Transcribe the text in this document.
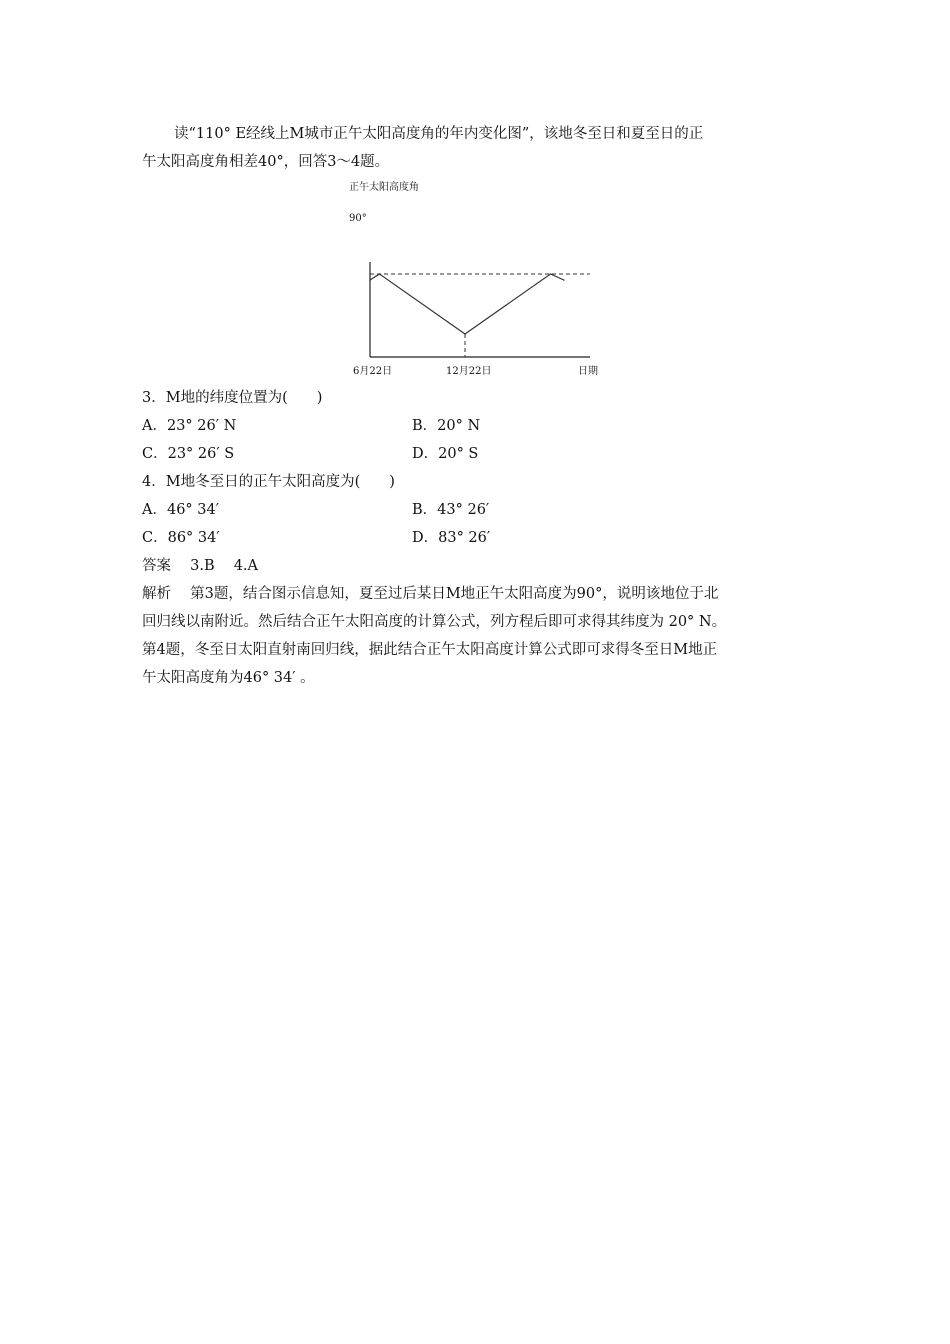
读“110° E经线上M城市正午太阳高度角的年内变化图”，该地冬至日和夏至日的正
午太阳高度角相差40°，回答3～4题。
正午太阳高度角
90°
6月22日	12月22日	日期
3．M地的纬度位置为(　　)
A．23° 26′ N	B．20° N
C．23° 26′ S	D．20° S
4．M地冬至日的正午太阳高度为(　　)
A．46° 34′	B．43° 26′
C．86° 34′	D．83° 26′
答案　 3.B　 4.A
解析　 第3题，结合图示信息知，夏至过后某日M地正午太阳高度为90°，说明该地位于北
回归线以南附近。然后结合正午太阳高度的计算公式，列方程后即可求得其纬度为 20° N。
第4题，冬至日太阳直射南回归线，据此结合正午太阳高度计算公式即可求得冬至日M地正
午太阳高度角为46° 34′ 。
